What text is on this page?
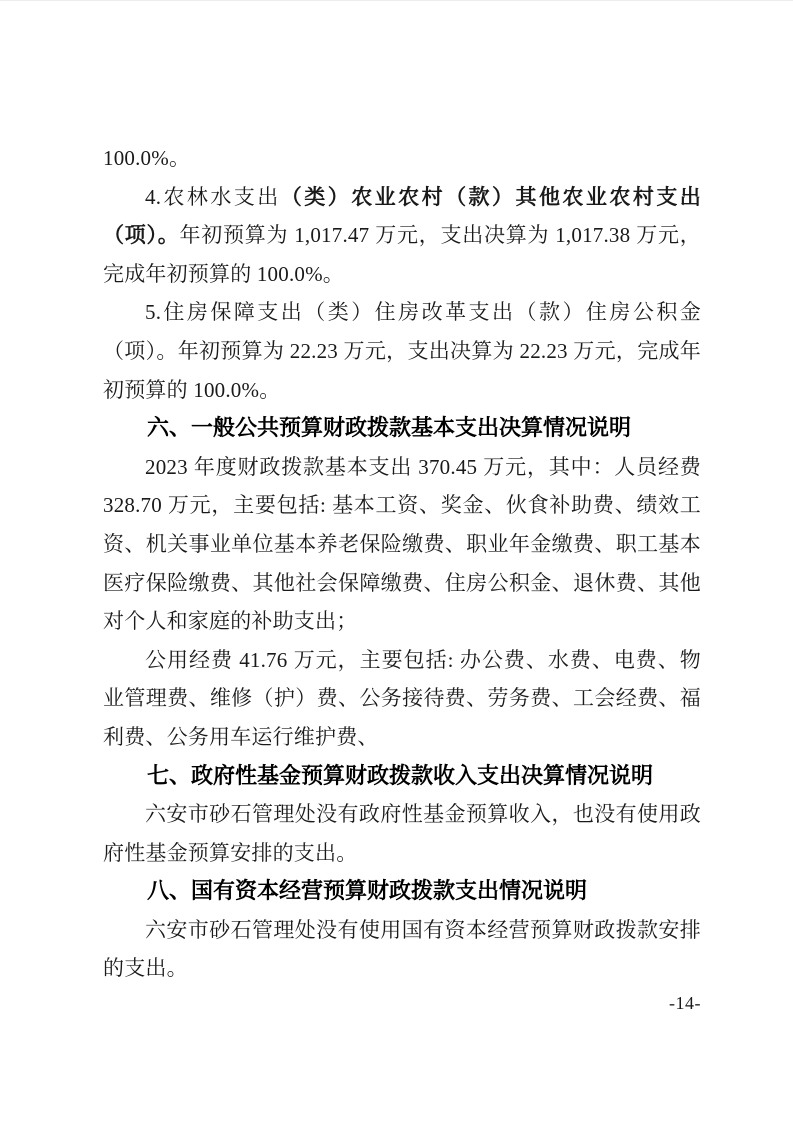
100.0%。

4.农林水支出（类）农业农村（款）其他农业农村支出（项）。年初预算为 1,017.47 万元，支出决算为 1,017.38 万元，完成年初预算的 100.0%。

5.住房保障支出（类）住房改革支出（款）住房公积金（项）。年初预算为 22.23 万元，支出决算为 22.23 万元，完成年初预算的 100.0%。

六、一般公共预算财政拨款基本支出决算情况说明

2023 年度财政拨款基本支出 370.45 万元，其中：人员经费 328.70 万元，主要包括: 基本工资、奖金、伙食补助费、绩效工资、机关事业单位基本养老保险缴费、职业年金缴费、职工基本医疗保险缴费、其他社会保障缴费、住房公积金、退休费、其他对个人和家庭的补助支出；

公用经费 41.76 万元，主要包括: 办公费、水费、电费、物业管理费、维修（护）费、公务接待费、劳务费、工会经费、福利费、公务用车运行维护费、

七、政府性基金预算财政拨款收入支出决算情况说明

六安市砂石管理处没有政府性基金预算收入，也没有使用政府性基金预算安排的支出。

八、国有资本经营预算财政拨款支出情况说明

六安市砂石管理处没有使用国有资本经营预算财政拨款安排的支出。

-14-
